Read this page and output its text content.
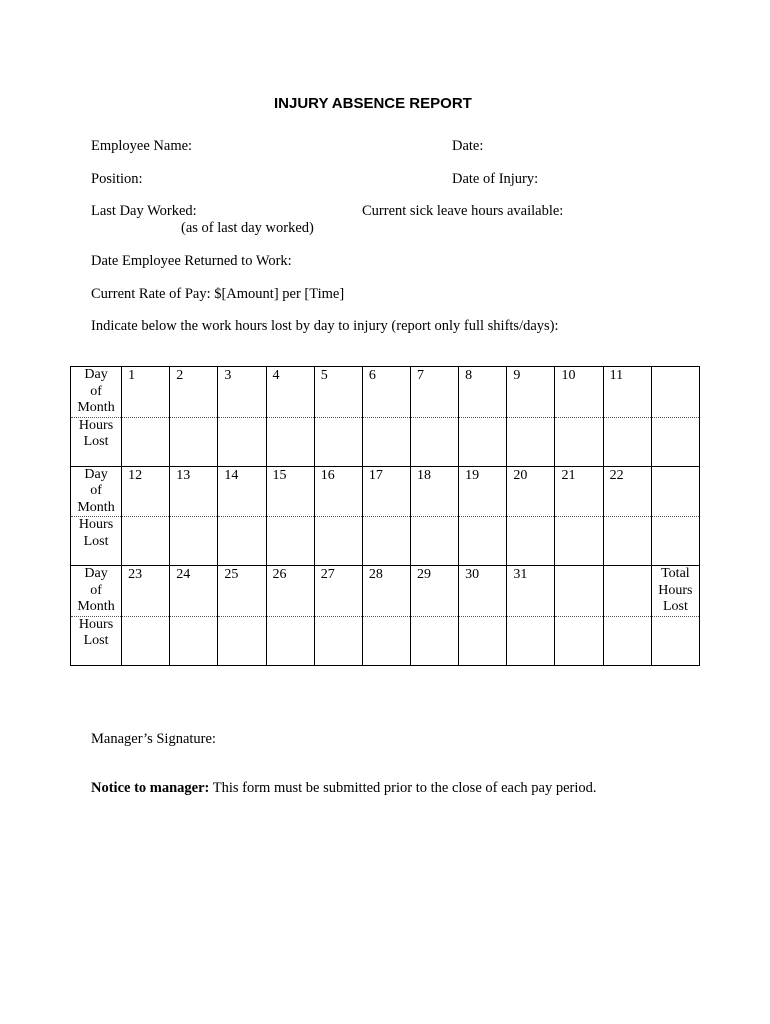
INJURY ABSENCE REPORT
Employee Name:	Date:
Position:	Date of Injury:
Last Day Worked:	Current sick leave hours available:
(as of last day worked)
Date Employee Returned to Work:
Current Rate of Pay: $[Amount] per [Time]
Indicate below the work hours lost by day to injury (report only full shifts/days):
Day
of
Month	1	2	3	4	5	6	7	8	9	10	11	
Hours
Lost												
Day
of
Month	12	13	14	15	16	17	18	19	20	21	22	
Hours
Lost												
Day
of
Month	23	24	25	26	27	28	29	30	31			Total
Hours
Lost
Hours
Lost												
Manager’s Signature:
Notice to manager: This form must be submitted prior to the close of each pay period.
